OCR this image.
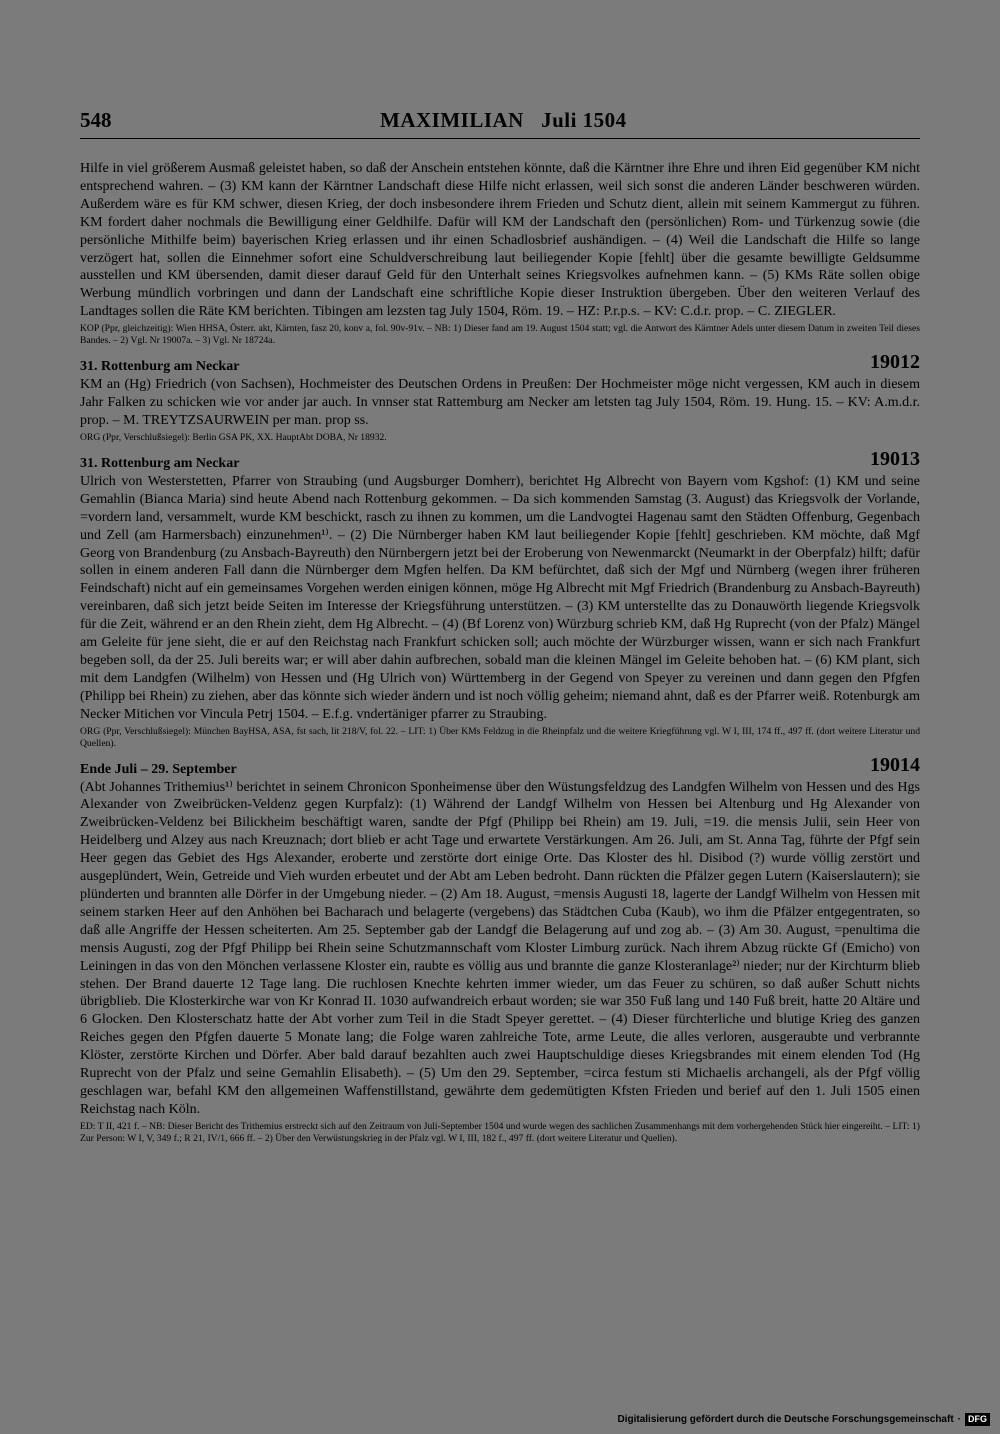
548	MAXIMILIAN   Juli 1504

Hilfe in viel größerem Ausmaß geleistet haben, so daß der Anschein entstehen könnte, daß die Kärntner ihre Ehre und ihren Eid gegenüber KM nicht entsprechend wahren. – (3) KM kann der Kärntner Landschaft diese Hilfe nicht erlassen, weil sich sonst die anderen Länder beschweren würden. Außerdem wäre es für KM schwer, diesen Krieg, der doch insbesondere ihrem Frieden und Schutz dient, allein mit seinem Kammergut zu führen. KM fordert daher nochmals die Bewilligung einer Geldhilfe. Dafür will KM der Landschaft den (persönlichen) Rom- und Türkenzug sowie (die persönliche Mithilfe beim) bayerischen Krieg erlassen und ihr einen Schadlosbrief aushändigen. – (4) Weil die Landschaft die Hilfe so lange verzögert hat, sollen die Einnehmer sofort eine Schuldverschreibung laut beiliegender Kopie [fehlt] über die gesamte bewilligte Geldsumme ausstellen und KM übersenden, damit dieser darauf Geld für den Unterhalt seines Kriegsvolkes aufnehmen kann. – (5) KMs Räte sollen obige Werbung mündlich vorbringen und dann der Landschaft eine schriftliche Kopie dieser Instruktion übergeben. Über den weiteren Verlauf des Landtages sollen die Räte KM berichten. Tibingen am lezsten tag July 1504, Röm. 19. – HZ: P.r.p.s. – KV: C.d.r. prop. – C. ZIEGLER.

KOP (Ppr, gleichzeitig): Wien HHSA, Österr. akt, Kärnten, fasz 20, konv a, fol. 90v-91v. – NB: 1) Dieser fand am 19. August 1504 statt; vgl. die Antwort des Kärntner Adels unter diesem Datum in zweiten Teil dieses Bandes. – 2) Vgl. Nr 19007a. – 3) Vgl. Nr 18724a.

31. Rottenburg am Neckar	19012

KM an (Hg) Friedrich (von Sachsen), Hochmeister des Deutschen Ordens in Preußen: Der Hochmeister möge nicht vergessen, KM auch in diesem Jahr Falken zu schicken wie vor ander jar auch. In vnnser stat Rattemburg am Necker am letsten tag July 1504, Röm. 19. Hung. 15. – KV: A.m.d.r. prop. – M. TREYTZSAURWEIN per man. prop ss.

ORG (Ppr, Verschlußsiegel): Berlin GSA PK, XX. HauptAbt DOBA, Nr 18932.

31. Rottenburg am Neckar	19013

Ulrich von Westerstetten, Pfarrer von Straubing (und Augsburger Domherr), berichtet Hg Albrecht von Bayern vom Kgshof: (1) KM und seine Gemahlin (Bianca Maria) sind heute Abend nach Rottenburg gekommen. – Da sich kommenden Samstag (3. August) das Kriegsvolk der Vorlande, =vordern land, versammelt, wurde KM beschickt, rasch zu ihnen zu kommen, um die Landvogtei Hagenau samt den Städten Offenburg, Gegenbach und Zell (am Harmersbach) einzunehmen¹⁾. – (2) Die Nürnberger haben KM laut beiliegender Kopie [fehlt] geschrieben. KM möchte, daß Mgf Georg von Brandenburg (zu Ansbach-Bayreuth) den Nürnbergern jetzt bei der Eroberung von Newenmarckt (Neumarkt in der Oberpfalz) hilft; dafür sollen in einem anderen Fall dann die Nürnberger dem Mgfen helfen. Da KM befürchtet, daß sich der Mgf und Nürnberg (wegen ihrer früheren Feindschaft) nicht auf ein gemeinsames Vorgehen werden einigen können, möge Hg Albrecht mit Mgf Friedrich (Brandenburg zu Ansbach-Bayreuth) vereinbaren, daß sich jetzt beide Seiten im Interesse der Kriegsführung unterstützen. – (3) KM unterstellte das zu Donauwörth liegende Kriegsvolk für die Zeit, während er an den Rhein zieht, dem Hg Albrecht. – (4) (Bf Lorenz von) Würzburg schrieb KM, daß Hg Ruprecht (von der Pfalz) Mängel am Geleite für jene sieht, die er auf den Reichstag nach Frankfurt schicken soll; auch möchte der Würzburger wissen, wann er sich nach Frankfurt begeben soll, da der 25. Juli bereits war; er will aber dahin aufbrechen, sobald man die kleinen Mängel im Geleite behoben hat. – (6) KM plant, sich mit dem Landgfen (Wilhelm) von Hessen und (Hg Ulrich von) Württemberg in der Gegend von Speyer zu vereinen und dann gegen den Pfgfen (Philipp bei Rhein) zu ziehen, aber das könnte sich wieder ändern und ist noch völlig geheim; niemand ahnt, daß es der Pfarrer weiß. Rotenburgk am Necker Mitichen vor Vincula Petrj 1504. – E.f.g. vndertäniger pfarrer zu Straubing.

ORG (Ppr, Verschlußsiegel): München BayHSA, ASA, fst sach, lit 218/V, fol. 22. – LIT: 1) Über KMs Feldzug in die Rheinpfalz und die weitere Kriegführung vgl. W I, III, 174 ff., 497 ff. (dort weitere Literatur und Quellen).

Ende Juli – 29. September	19014

(Abt Johannes Trithemius¹⁾ berichtet in seinem Chronicon Sponheimense über den Wüstungsfeldzug des Landgfen Wilhelm von Hessen und des Hgs Alexander von Zweibrücken-Veldenz gegen Kurpfalz): (1) Während der Landgf Wilhelm von Hessen bei Altenburg und Hg Alexander von Zweibrücken-Veldenz bei Bilickheim beschäftigt waren, sandte der Pfgf (Philipp bei Rhein) am 19. Juli, =19. die mensis Julii, sein Heer von Heidelberg und Alzey aus nach Kreuznach; dort blieb er acht Tage und erwartete Verstärkungen. Am 26. Juli, am St. Anna Tag, führte der Pfgf sein Heer gegen das Gebiet des Hgs Alexander, eroberte und zerstörte dort einige Orte. Das Kloster des hl. Disibod (?) wurde völlig zerstört und ausgeplündert, Wein, Getreide und Vieh wurden erbeutet und der Abt am Leben bedroht. Dann rückten die Pfälzer gegen Lutern (Kaiserslautern); sie plünderten und brannten alle Dörfer in der Umgebung nieder. – (2) Am 18. August, =mensis Augusti 18, lagerte der Landgf Wilhelm von Hessen mit seinem starken Heer auf den Anhöhen bei Bacharach und belagerte (vergebens) das Städtchen Cuba (Kaub), wo ihm die Pfälzer entgegentraten, so daß alle Angriffe der Hessen scheiterten. Am 25. September gab der Landgf die Belagerung auf und zog ab. – (3) Am 30. August, =penultima die mensis Augusti, zog der Pfgf Philipp bei Rhein seine Schutzmannschaft vom Kloster Limburg zurück. Nach ihrem Abzug rückte Gf (Emicho) von Leiningen in das von den Mönchen verlassene Kloster ein, raubte es völlig aus und brannte die ganze Klosteranlage²⁾ nieder; nur der Kirchturm blieb stehen. Der Brand dauerte 12 Tage lang. Die ruchlosen Knechte kehrten immer wieder, um das Feuer zu schüren, so daß außer Schutt nichts übrigblieb. Die Klosterkirche war von Kr Konrad II. 1030 aufwandreich erbaut worden; sie war 350 Fuß lang und 140 Fuß breit, hatte 20 Altäre und 6 Glocken. Den Klosterschatz hatte der Abt vorher zum Teil in die Stadt Speyer gerettet. – (4) Dieser fürchterliche und blutige Krieg des ganzen Reiches gegen den Pfgfen dauerte 5 Monate lang; die Folge waren zahlreiche Tote, arme Leute, die alles verloren, ausgeraubte und verbrannte Klöster, zerstörte Kirchen und Dörfer. Aber bald darauf bezahlten auch zwei Hauptschuldige dieses Kriegsbrandes mit einem elenden Tod (Hg Ruprecht von der Pfalz und seine Gemahlin Elisabeth). – (5) Um den 29. September, =circa festum sti Michaelis archangeli, als der Pfgf völlig geschlagen war, befahl KM den allgemeinen Waffenstillstand, gewährte dem gedemütigten Kfsten Frieden und berief auf den 1. Juli 1505 einen Reichstag nach Köln.

ED: T II, 421 f. – NB: Dieser Bericht des Trithemius erstreckt sich auf den Zeitraum von Juli-September 1504 und wurde wegen des sachlichen Zusammenhangs mit dem vorhergehenden Stück hier eingereiht. – LIT: 1) Zur Person: W I, V, 349 f.; R 21, IV/1, 666 ff. – 2) Über den Verwüstungskrieg in der Pfalz vgl. W I, III, 182 f., 497 ff. (dort weitere Literatur und Quellen).

Digitalisierung gefördert durch die Deutsche Forschungsgemeinschaft · DFG
